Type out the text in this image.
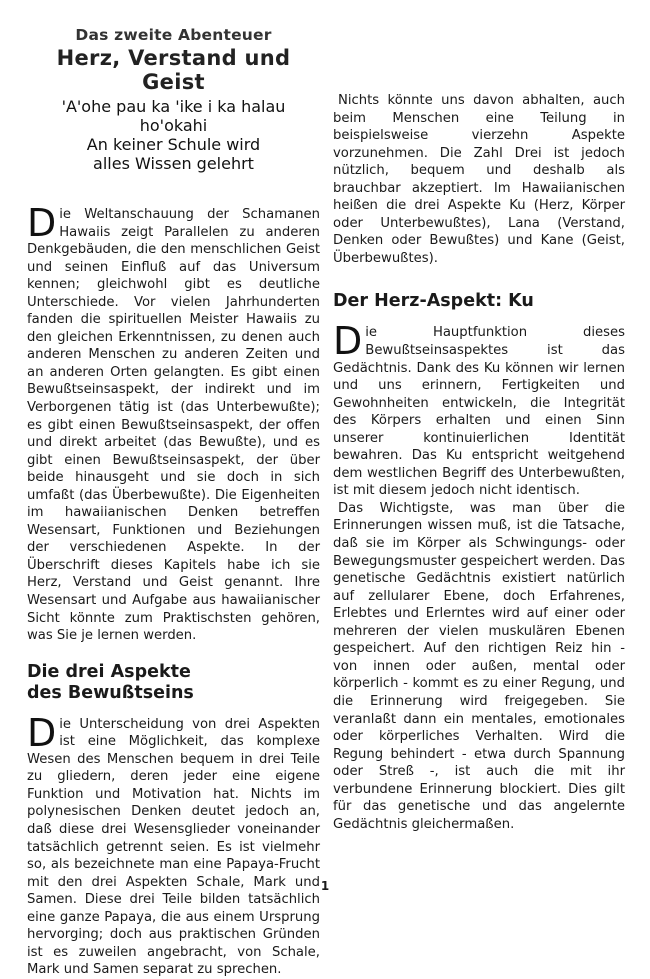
Das zweite Abenteuer
Herz, Verstand und Geist
'A'ohe pau ka 'ike i ka halau ho'okahi
An keiner Schule wird
alles Wissen gelehrt

Die Weltanschauung der Schamanen Hawaiis zeigt Parallelen zu anderen Denkgebäuden, die den menschlichen Geist und seinen Einfluß auf das Universum kennen; gleichwohl gibt es deutliche Unterschiede. Vor vielen Jahrhunderten fanden die spirituellen Meister Hawaiis zu den gleichen Erkenntnissen, zu denen auch anderen Menschen zu anderen Zeiten und an anderen Orten gelangten. Es gibt einen Bewußtseinsaspekt, der indirekt und im Verborgenen tätig ist (das Unterbewußte); es gibt einen Bewußtseinsaspekt, der offen und direkt arbeitet (das Bewußte), und es gibt einen Bewußtseinsaspekt, der über beide hinausgeht und sie doch in sich umfaßt (das Überbewußte). Die Eigenheiten im hawaiianischen Denken betreffen Wesensart, Funktionen und Beziehungen der verschiedenen Aspekte. In der Überschrift dieses Kapitels habe ich sie Herz, Verstand und Geist genannt. Ihre Wesensart und Aufgabe aus hawaiianischer Sicht könnte zum Praktischsten gehören, was Sie je lernen werden.

Die drei Aspekte
des Bewußtseins

Die Unterscheidung von drei Aspekten ist eine Möglichkeit, das komplexe Wesen des Menschen bequem in drei Teile zu gliedern, deren jeder eine eigene Funktion und Motivation hat. Nichts im polynesischen Denken deutet jedoch an, daß diese drei Wesensglieder voneinander tatsächlich getrennt seien. Es ist vielmehr so, als bezeichnete man eine Papaya-Frucht mit den drei Aspekten Schale, Mark und Samen. Diese drei Teile bilden tatsächlich eine ganze Papaya, die aus einem Ursprung hervorging; doch aus praktischen Gründen ist es zuweilen angebracht, von Schale, Mark und Samen separat zu sprechen.

Nichts könnte uns davon abhalten, auch beim Menschen eine Teilung in beispielsweise vierzehn Aspekte vorzunehmen. Die Zahl Drei ist jedoch nützlich, bequem und deshalb als brauchbar akzeptiert. Im Hawaiianischen heißen die drei Aspekte Ku (Herz, Körper oder Unterbewußtes), Lana (Verstand, Denken oder Bewußtes) und Kane (Geist, Überbewußtes).

Der Herz-Aspekt: Ku

Die Hauptfunktion dieses Bewußtseinsaspektes ist das Gedächtnis. Dank des Ku können wir lernen und uns erinnern, Fertigkeiten und Gewohnheiten entwickeln, die Integrität des Körpers erhalten und einen Sinn unserer kontinuierlichen Identität bewahren. Das Ku entspricht weitgehend dem westlichen Begriff des Unterbewußten, ist mit diesem jedoch nicht identisch.

Das Wichtigste, was man über die Erinnerungen wissen muß, ist die Tatsache, daß sie im Körper als Schwingungs- oder Bewegungsmuster gespeichert werden. Das genetische Gedächtnis existiert natürlich auf zellularer Ebene, doch Erfahrenes, Erlebtes und Erlerntes wird auf einer oder mehreren der vielen muskulären Ebenen gespeichert. Auf den richtigen Reiz hin - von innen oder außen, mental oder körperlich - kommt es zu einer Regung, und die Erinnerung wird freigegeben. Sie veranlaßt dann ein mentales, emotionales oder körperliches Verhalten. Wird die Regung behindert - etwa durch Spannung oder Streß -, ist auch die mit ihr verbundene Erinnerung blockiert. Dies gilt für das genetische und das angelernte Gedächtnis gleichermaßen.

1
